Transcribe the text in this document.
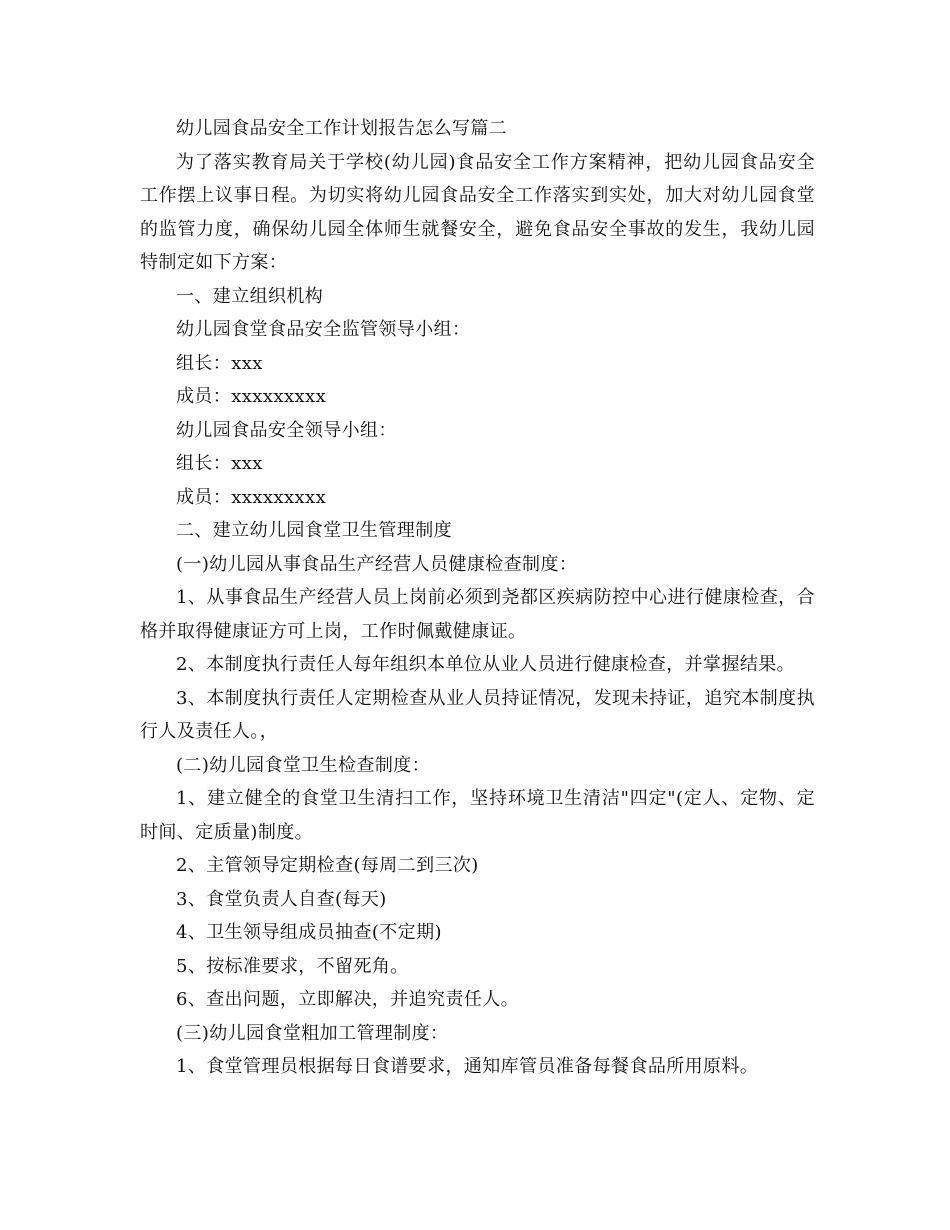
幼儿园食品安全工作计划报告怎么写篇二

为了落实教育局关于学校(幼儿园)食品安全工作方案精神，把幼儿园食品安全工作摆上议事日程。为切实将幼儿园食品安全工作落实到实处，加大对幼儿园食堂的监管力度，确保幼儿园全体师生就餐安全，避免食品安全事故的发生，我幼儿园特制定如下方案：

一、建立组织机构

幼儿园食堂食品安全监管领导小组：

组长：xxx

成员：xxxxxxxxx

幼儿园食品安全领导小组：

组长：xxx

成员：xxxxxxxxx

二、建立幼儿园食堂卫生管理制度

(一)幼儿园从事食品生产经营人员健康检查制度：

1、从事食品生产经营人员上岗前必须到尧都区疾病防控中心进行健康检查，合格并取得健康证方可上岗，工作时佩戴健康证。

2、本制度执行责任人每年组织本单位从业人员进行健康检查，并掌握结果。

3、本制度执行责任人定期检查从业人员持证情况，发现未持证，追究本制度执行人及责任人。，

(二)幼儿园食堂卫生检查制度：

1、建立健全的食堂卫生清扫工作，坚持环境卫生清洁"四定"(定人、定物、定时间、定质量)制度。

2、主管领导定期检查(每周二到三次)

3、食堂负责人自查(每天)

4、卫生领导组成员抽查(不定期)

5、按标准要求，不留死角。

6、查出问题，立即解决，并追究责任人。

(三)幼儿园食堂粗加工管理制度：

1、食堂管理员根据每日食谱要求，通知库管员准备每餐食品所用原料。
